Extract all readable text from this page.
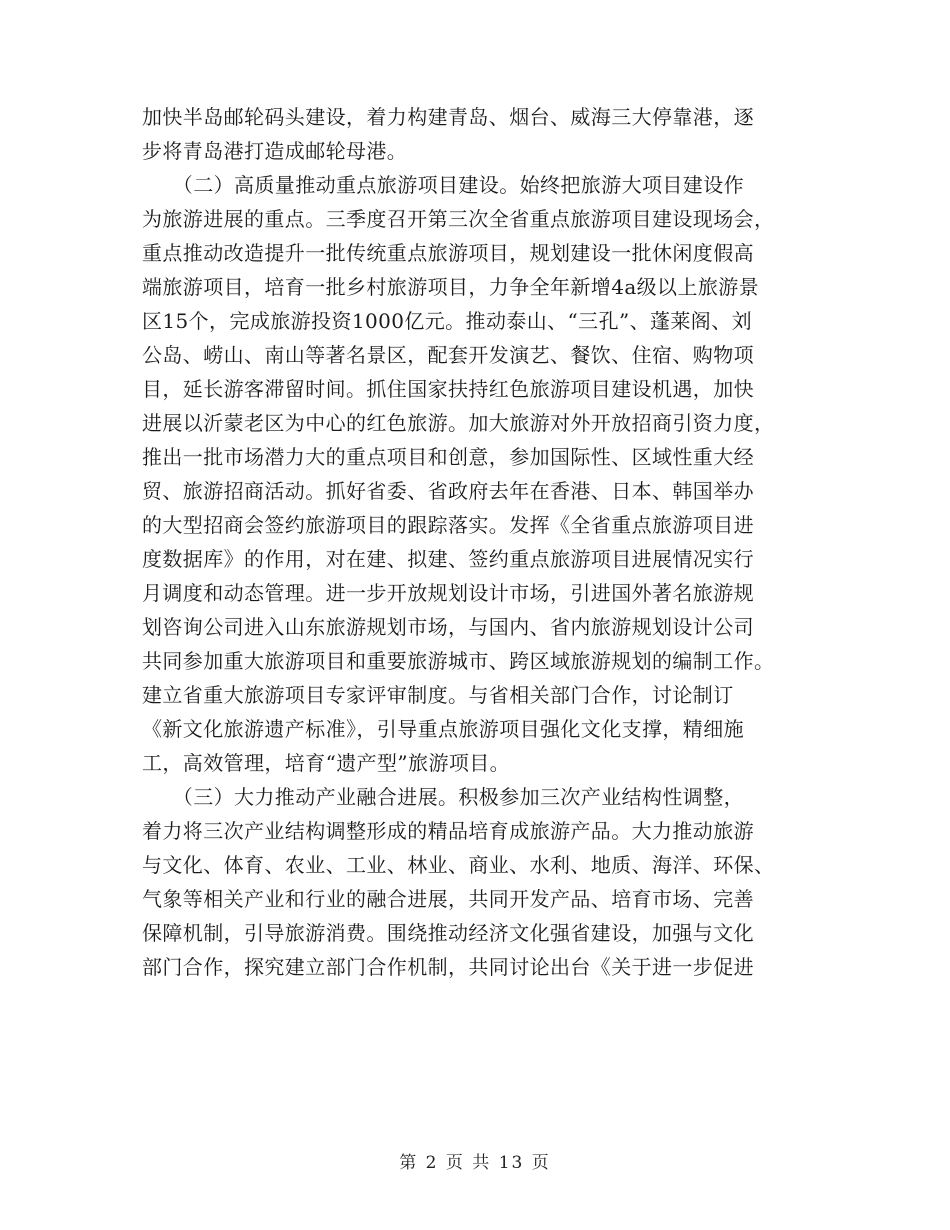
加快半岛邮轮码头建设，着力构建青岛、烟台、威海三大停靠港，逐

步将青岛港打造成邮轮母港。

　　（二）高质量推动重点旅游项目建设。始终把旅游大项目建设作

为旅游进展的重点。三季度召开第三次全省重点旅游项目建设现场会，

重点推动改造提升一批传统重点旅游项目，规划建设一批休闲度假高

端旅游项目，培育一批乡村旅游项目，力争全年新增4a级以上旅游景

区15个，完成旅游投资1000亿元。推动泰山、“三孔”、蓬莱阁、刘

公岛、崂山、南山等著名景区，配套开发演艺、餐饮、住宿、购物项

目，延长游客滞留时间。抓住国家扶持红色旅游项目建设机遇，加快

进展以沂蒙老区为中心的红色旅游。加大旅游对外开放招商引资力度，

推出一批市场潜力大的重点项目和创意，参加国际性、区域性重大经

贸、旅游招商活动。抓好省委、省政府去年在香港、日本、韩国举办

的大型招商会签约旅游项目的跟踪落实。发挥《全省重点旅游项目进

度数据库》的作用，对在建、拟建、签约重点旅游项目进展情况实行

月调度和动态管理。进一步开放规划设计市场，引进国外著名旅游规

划咨询公司进入山东旅游规划市场，与国内、省内旅游规划设计公司

共同参加重大旅游项目和重要旅游城市、跨区域旅游规划的编制工作。

建立省重大旅游项目专家评审制度。与省相关部门合作，讨论制订

《新文化旅游遗产标准》，引导重点旅游项目强化文化支撑，精细施

工，高效管理，培育“遗产型”旅游项目。

　　（三）大力推动产业融合进展。积极参加三次产业结构性调整，

着力将三次产业结构调整形成的精品培育成旅游产品。大力推动旅游

与文化、体育、农业、工业、林业、商业、水利、地质、海洋、环保、

气象等相关产业和行业的融合进展，共同开发产品、培育市场、完善

保障机制，引导旅游消费。围绕推动经济文化强省建设，加强与文化

部门合作，探究建立部门合作机制，共同讨论出台《关于进一步促进

第 2 页 共 13 页
